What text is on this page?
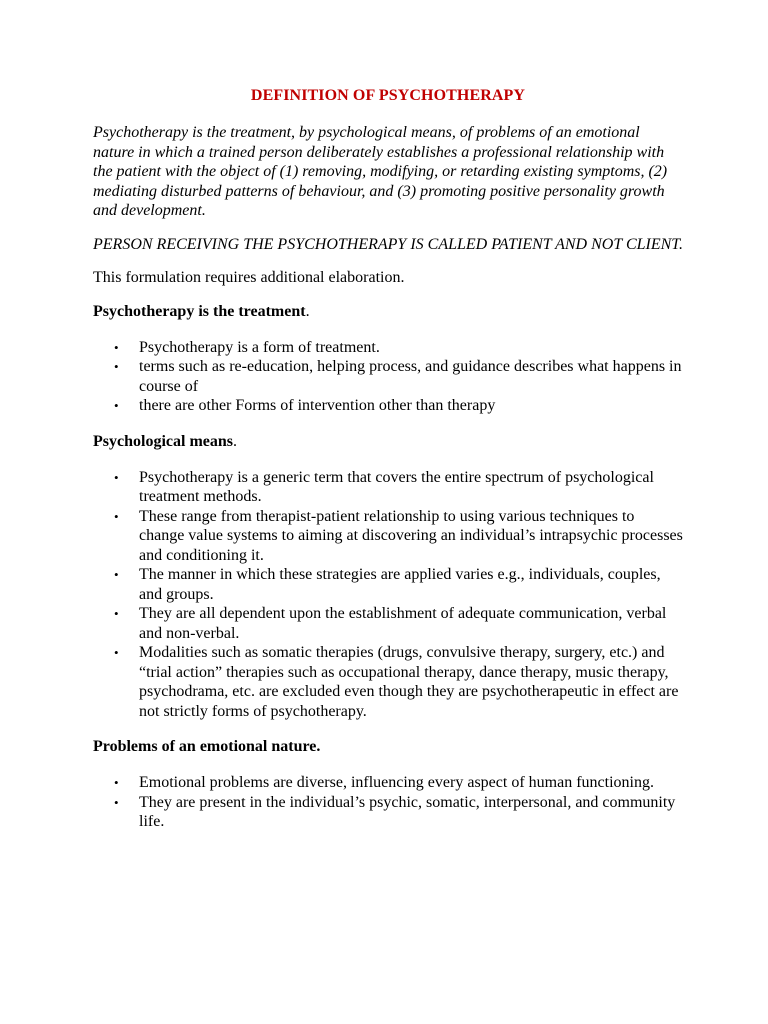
DEFINITION OF PSYCHOTHERAPY

Psychotherapy is the treatment, by psychological means, of problems of an emotional nature in which a trained person deliberately establishes a professional relationship with the patient with the object of (1) removing, modifying, or retarding existing symptoms, (2) mediating disturbed patterns of behaviour, and (3) promoting positive personality growth and development.

PERSON RECEIVING THE PSYCHOTHERAPY IS CALLED PATIENT AND NOT CLIENT.

This formulation requires additional elaboration.

Psychotherapy is the treatment.
• Psychotherapy is a form of treatment.
• terms such as re-education, helping process, and guidance describes what happens in course of
• there are other Forms of intervention other than therapy
Psychological means.
• Psychotherapy is a generic term that covers the entire spectrum of psychological treatment methods.
• These range from therapist-patient relationship to using various techniques to change value systems to aiming at discovering an individual’s intrapsychic processes and conditioning it.
• The manner in which these strategies are applied varies e.g., individuals, couples, and groups.
• They are all dependent upon the establishment of adequate communication, verbal and non-verbal.
• Modalities such as somatic therapies (drugs, convulsive therapy, surgery, etc.) and “trial action” therapies such as occupational therapy, dance therapy, music therapy, psychodrama, etc. are excluded even though they are psychotherapeutic in effect are not strictly forms of psychotherapy.
Problems of an emotional nature.
• Emotional problems are diverse, influencing every aspect of human functioning.
• They are present in the individual’s psychic, somatic, interpersonal, and community life.
